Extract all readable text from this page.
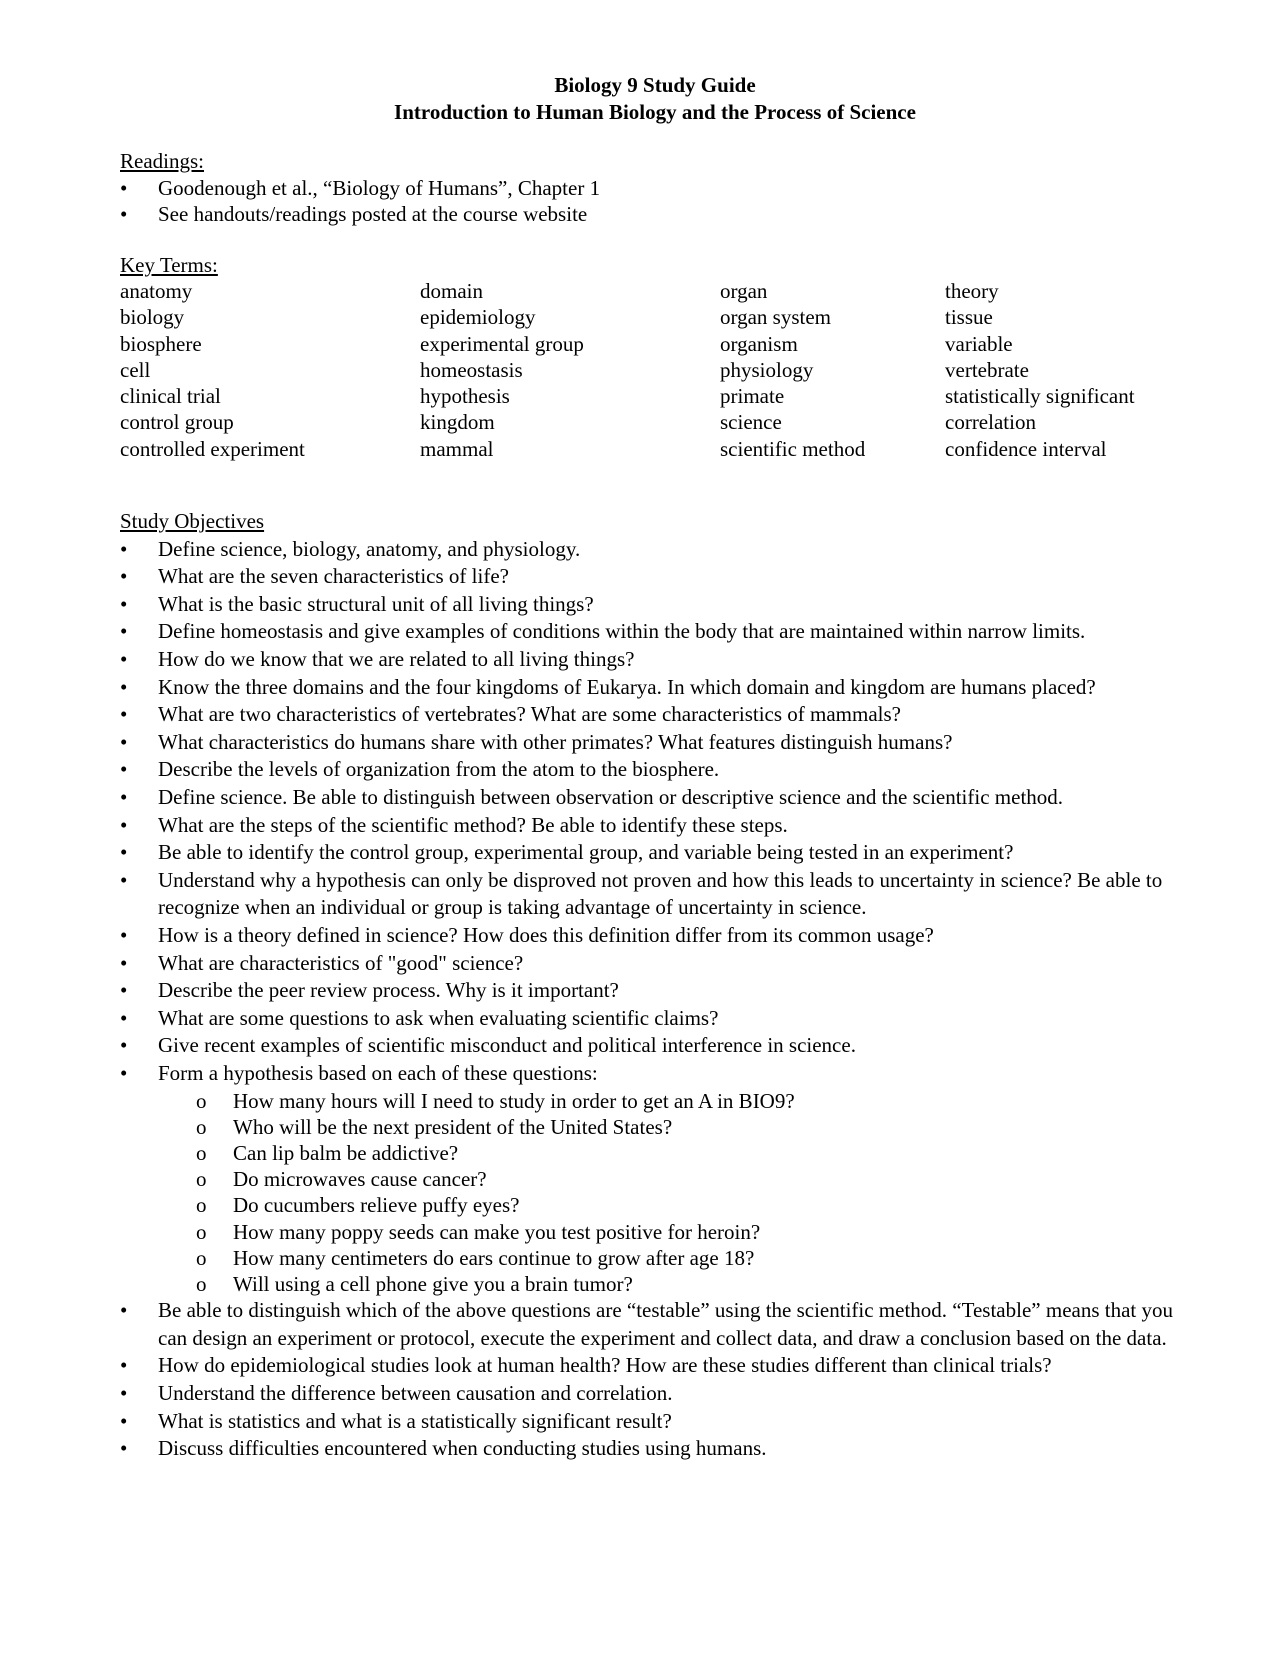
Biology 9 Study Guide
Introduction to Human Biology and the Process of Science
Readings:
• Goodenough et al., “Biology of Humans”, Chapter 1
• See handouts/readings posted at the course website
Key Terms:
anatomy
biology
biosphere
cell
clinical trial
control group
controlled experiment
domain
epidemiology
experimental group
homeostasis
hypothesis
kingdom
mammal
organ
organ system
organism
physiology
primate
science
scientific method
theory
tissue
variable
vertebrate
statistically significant
correlation
confidence interval
Study Objectives
• Define science, biology, anatomy, and physiology.
• What are the seven characteristics of life?
• What is the basic structural unit of all living things?
• Define homeostasis and give examples of conditions within the body that are maintained within narrow limits.
• How do we know that we are related to all living things?
• Know the three domains and the four kingdoms of Eukarya. In which domain and kingdom are humans placed?
• What are two characteristics of vertebrates? What are some characteristics of mammals?
• What characteristics do humans share with other primates? What features distinguish humans?
• Describe the levels of organization from the atom to the biosphere.
• Define science. Be able to distinguish between observation or descriptive science and the scientific method.
• What are the steps of the scientific method? Be able to identify these steps.
• Be able to identify the control group, experimental group, and variable being tested in an experiment?
• Understand why a hypothesis can only be disproved not proven and how this leads to uncertainty in science? Be able to recognize when an individual or group is taking advantage of uncertainty in science.
• How is a theory defined in science? How does this definition differ from its common usage?
• What are characteristics of "good" science?
• Describe the peer review process. Why is it important?
• What are some questions to ask when evaluating scientific claims?
• Give recent examples of scientific misconduct and political interference in science.
• Form a hypothesis based on each of these questions:
o How many hours will I need to study in order to get an A in BIO9?
o Who will be the next president of the United States?
o Can lip balm be addictive?
o Do microwaves cause cancer?
o Do cucumbers relieve puffy eyes?
o How many poppy seeds can make you test positive for heroin?
o How many centimeters do ears continue to grow after age 18?
o Will using a cell phone give you a brain tumor?
• Be able to distinguish which of the above questions are “testable” using the scientific method. “Testable” means that you can design an experiment or protocol, execute the experiment and collect data, and draw a conclusion based on the data.
• How do epidemiological studies look at human health? How are these studies different than clinical trials?
• Understand the difference between causation and correlation.
• What is statistics and what is a statistically significant result?
• Discuss difficulties encountered when conducting studies using humans.
